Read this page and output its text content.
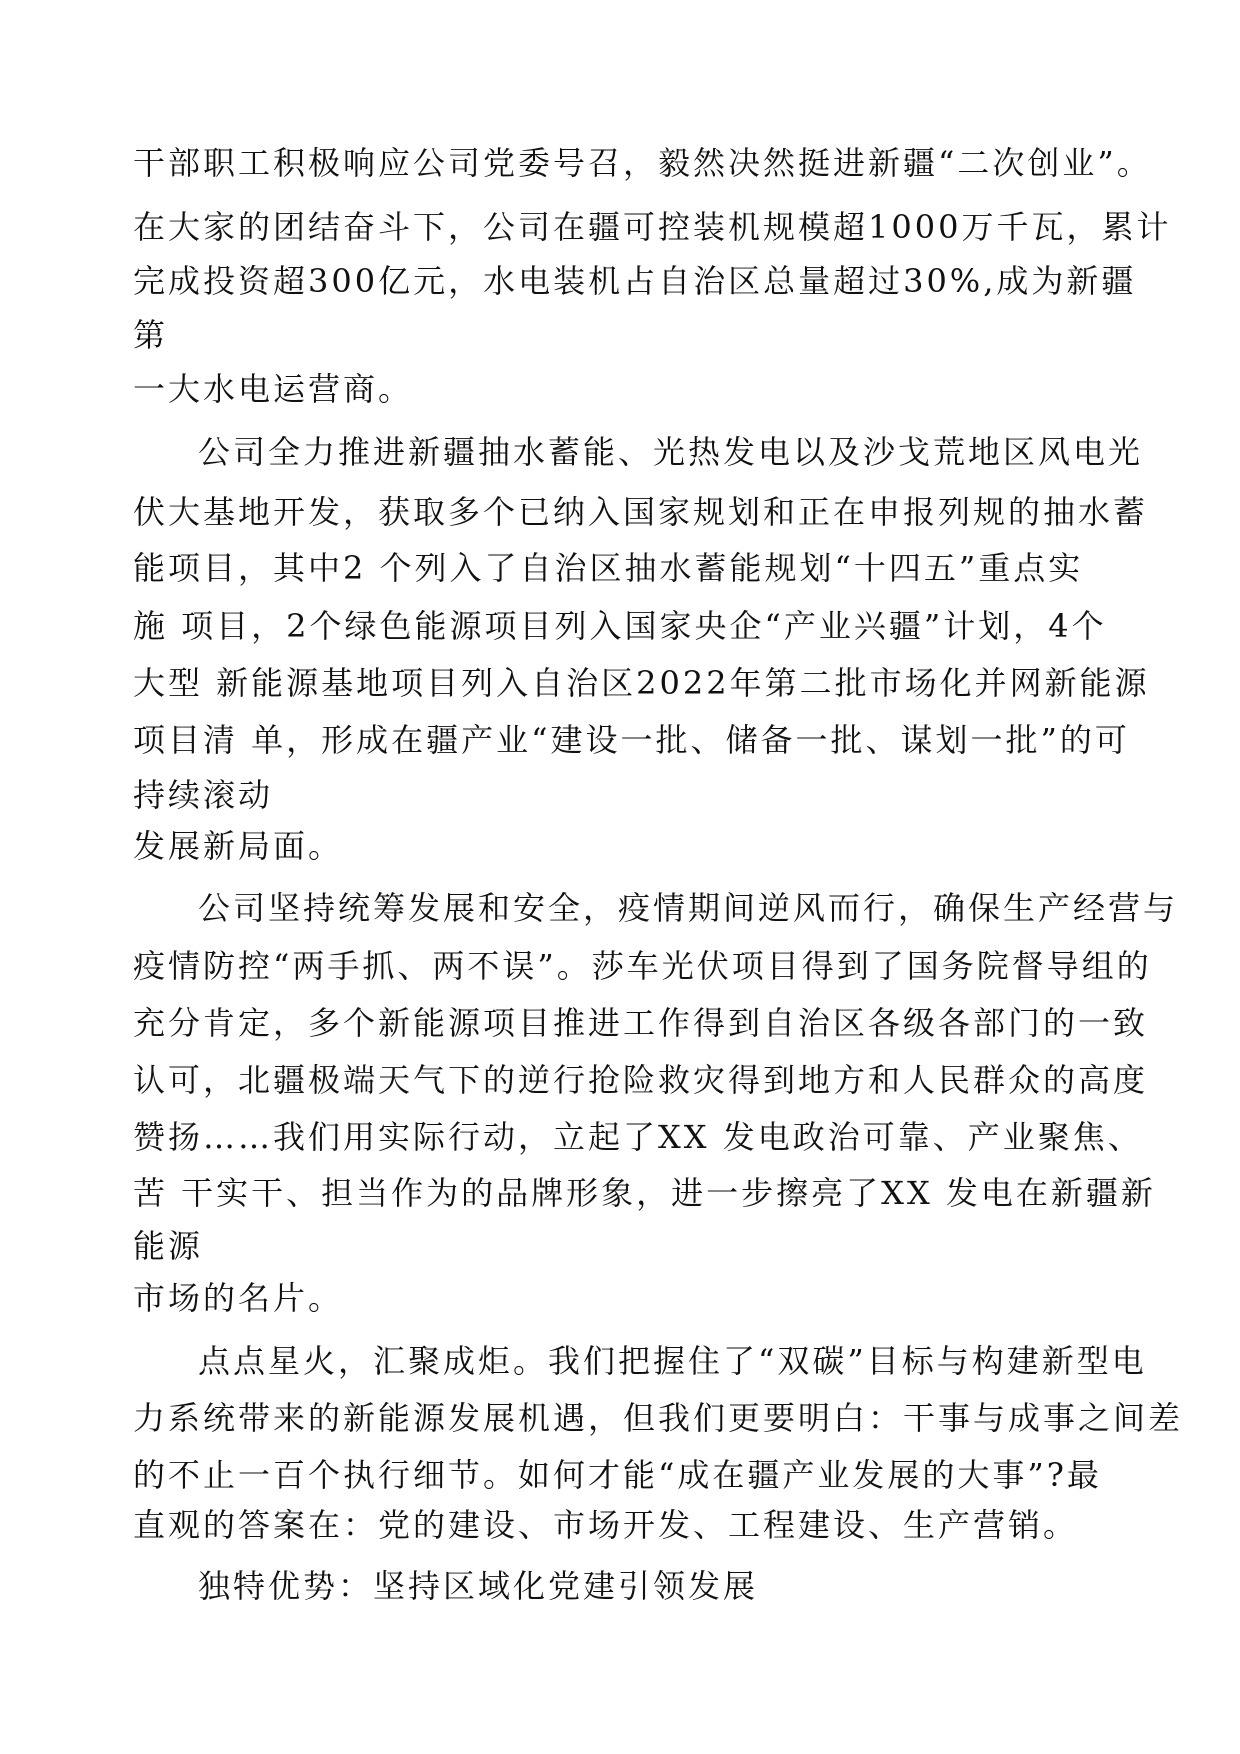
干部职工积极响应公司党委号召，毅然决然挺进新疆“二次创业”。
在大家的团结奋斗下，公司在疆可控装机规模超1000万千瓦，累计
完成投资超300亿元，水电装机占自治区总量超过30%,成为新疆
第
一大水电运营商。
公司全力推进新疆抽水蓄能、光热发电以及沙戈荒地区风电光
伏大基地开发，获取多个已纳入国家规划和正在申报列规的抽水蓄
能项目，其中2 个列入了自治区抽水蓄能规划“十四五”重点实
施 项目，2个绿色能源项目列入国家央企“产业兴疆”计划，4个
大型 新能源基地项目列入自治区2022年第二批市场化并网新能源
项目清 单，形成在疆产业“建设一批、储备一批、谋划一批”的可
持续滚动
发展新局面。
公司坚持统筹发展和安全，疫情期间逆风而行，确保生产经营与
疫情防控“两手抓、两不误”。莎车光伏项目得到了国务院督导组的
充分肯定，多个新能源项目推进工作得到自治区各级各部门的一致
认可，北疆极端天气下的逆行抢险救灾得到地方和人民群众的高度
赞扬……我们用实际行动，立起了XX 发电政治可靠、产业聚焦、
苦 干实干、担当作为的品牌形象，进一步擦亮了XX 发电在新疆新
能源
市场的名片。
点点星火，汇聚成炬。我们把握住了“双碳”目标与构建新型电
力系统带来的新能源发展机遇，但我们更要明白：干事与成事之间差
的不止一百个执行细节。如何才能“成在疆产业发展的大事”?最
直观的答案在：党的建设、市场开发、工程建设、生产营销。
独特优势：坚持区域化党建引领发展
